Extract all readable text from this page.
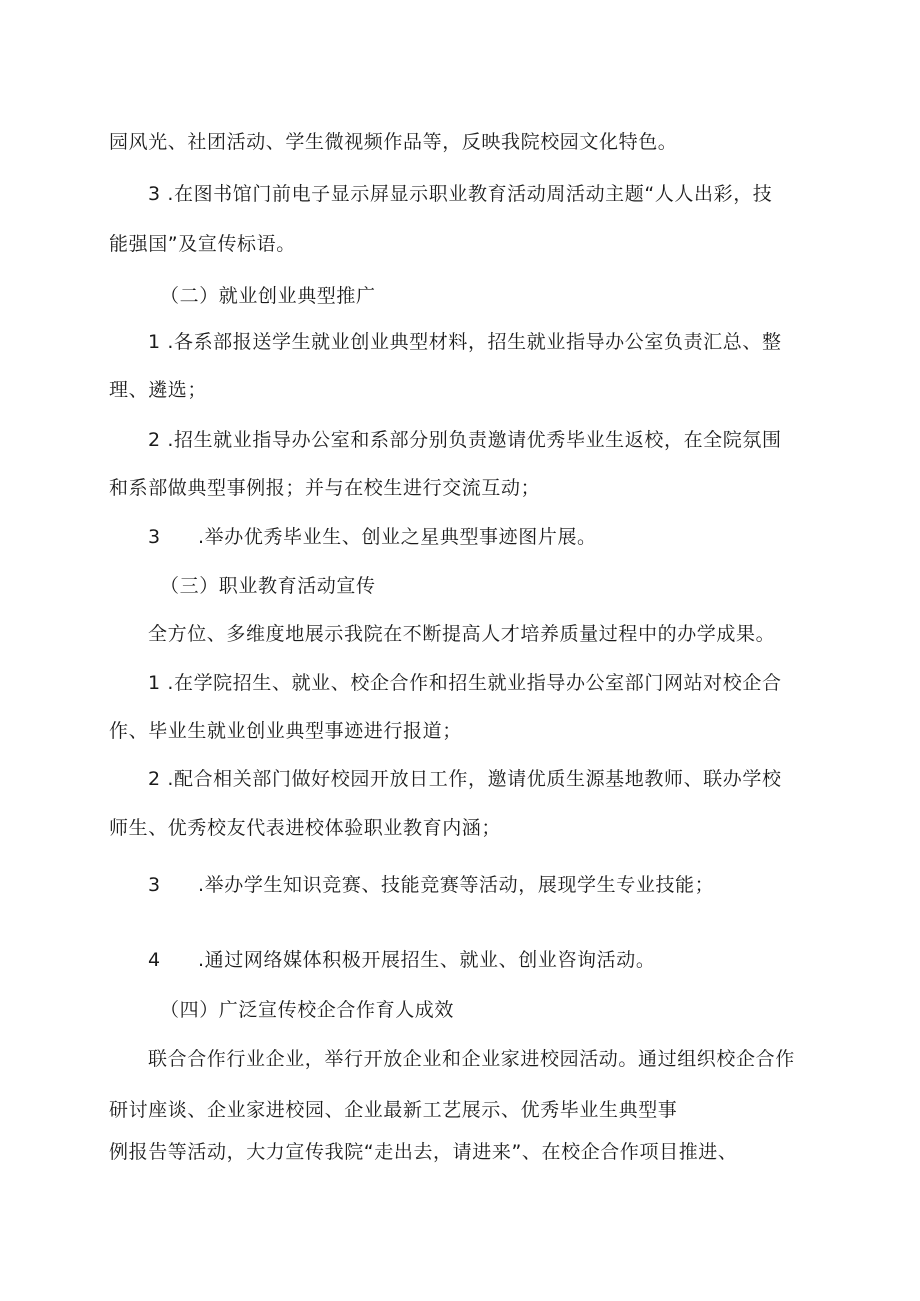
园风光、社团活动、学生微视频作品等，反映我院校园文化特色。
3 .在图书馆门前电子显示屏显示职业教育活动周活动主题“人人出彩，技
能强国”及宣传标语。
（二）就业创业典型推广
1 .各系部报送学生就业创业典型材料，招生就业指导办公室负责汇总、整
理、遴选；
2 .招生就业指导办公室和系部分别负责邀请优秀毕业生返校，在全院氛围
和系部做典型事例报；并与在校生进行交流互动；
3 .举办优秀毕业生、创业之星典型事迹图片展。
（三）职业教育活动宣传
全方位、多维度地展示我院在不断提高人才培养质量过程中的办学成果。
1 .在学院招生、就业、校企合作和招生就业指导办公室部门网站对校企合
作、毕业生就业创业典型事迹进行报道；
2 .配合相关部门做好校园开放日工作，邀请优质生源基地教师、联办学校
师生、优秀校友代表进校体验职业教育内涵；
3 .举办学生知识竞赛、技能竞赛等活动，展现学生专业技能；
4 .通过网络媒体积极开展招生、就业、创业咨询活动。
（四）广泛宣传校企合作育人成效
联合合作行业企业，举行开放企业和企业家进校园活动。通过组织校企合作
研讨座谈、企业家进校园、企业最新工艺展示、优秀毕业生典型事
例报告等活动，大力宣传我院“走出去，请进来”、在校企合作项目推进、
